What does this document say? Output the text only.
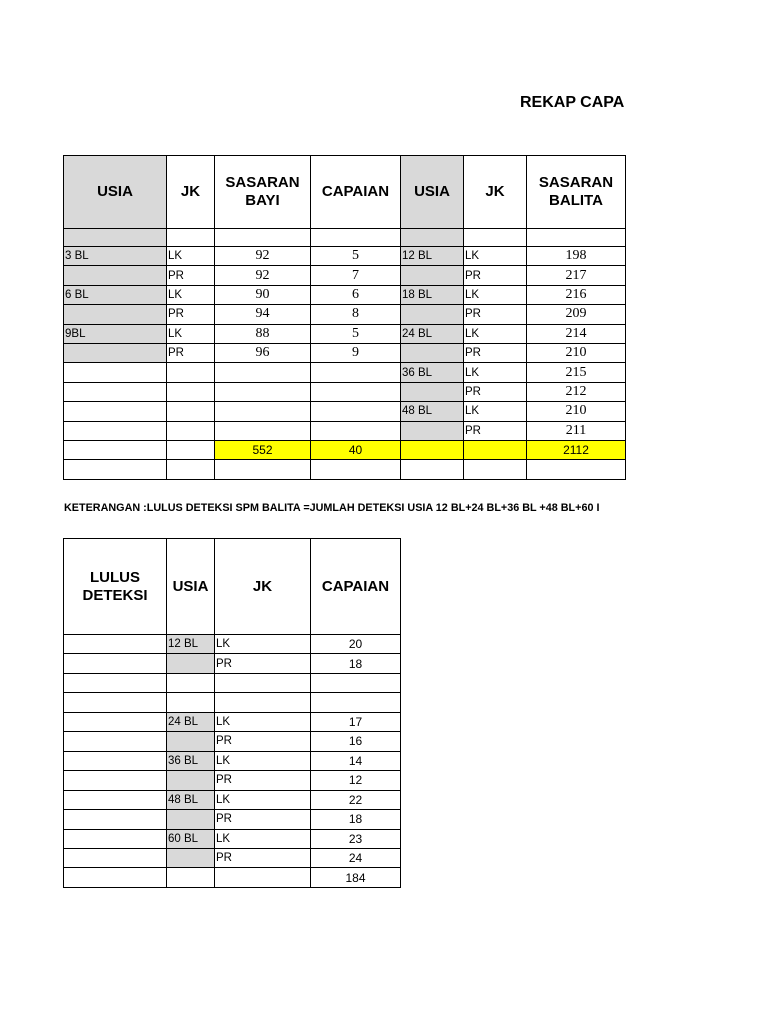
REKAP CAPA
USIA	JK	SASARAN BAYI	CAPAIAN	USIA	JK	SASARAN BALITA

3 BL	LK	92	5	12 BL	LK	198
	PR	92	7		PR	217
6 BL	LK	90	6	18 BL	LK	216
	PR	94	8		PR	209
9BL	LK	88	5	24 BL	LK	214
	PR	96	9		PR	210
				36 BL	LK	215
					PR	212
				48 BL	LK	210
					PR	211
		552	40			2112

KETERANGAN :LULUS DETEKSI SPM BALITA =JUMLAH DETEKSI USIA 12 BL+24 BL+36 BL +48 BL+60 I
LULUS DETEKSI	USIA	JK	CAPAIAN
	12 BL	LK	20
		PR	18

	24 BL	LK	17
		PR	16
	36 BL	LK	14
		PR	12
	48 BL	LK	22
		PR	18
	60 BL	LK	23
		PR	24
			184
